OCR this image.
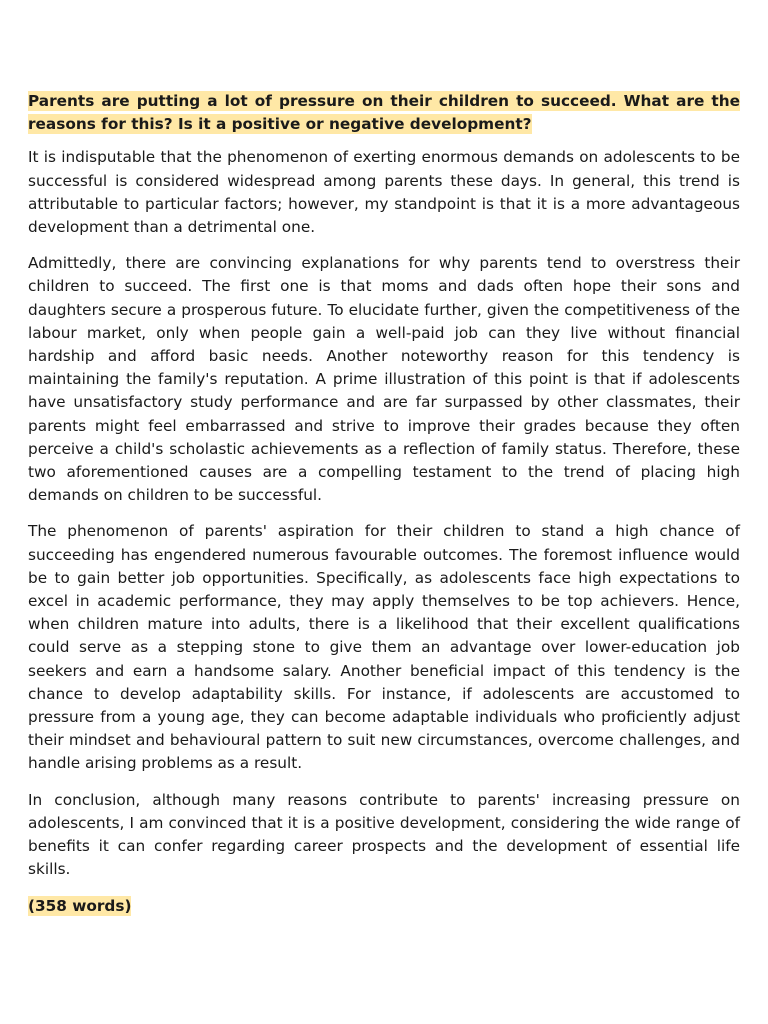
Parents are putting a lot of pressure on their children to succeed. What are the reasons for this? Is it a positive or negative development?

It is indisputable that the phenomenon of exerting enormous demands on adolescents to be successful is considered widespread among parents these days. In general, this trend is attributable to particular factors; however, my standpoint is that it is a more advantageous development than a detrimental one.

Admittedly, there are convincing explanations for why parents tend to overstress their children to succeed. The first one is that moms and dads often hope their sons and daughters secure a prosperous future. To elucidate further, given the competitiveness of the labour market, only when people gain a well-paid job can they live without financial hardship and afford basic needs. Another noteworthy reason for this tendency is maintaining the family's reputation. A prime illustration of this point is that if adolescents have unsatisfactory study performance and are far surpassed by other classmates, their parents might feel embarrassed and strive to improve their grades because they often perceive a child's scholastic achievements as a reflection of family status. Therefore, these two aforementioned causes are a compelling testament to the trend of placing high demands on children to be successful.

The phenomenon of parents' aspiration for their children to stand a high chance of succeeding has engendered numerous favourable outcomes. The foremost influence would be to gain better job opportunities. Specifically, as adolescents face high expectations to excel in academic performance, they may apply themselves to be top achievers. Hence, when children mature into adults, there is a likelihood that their excellent qualifications could serve as a stepping stone to give them an advantage over lower-education job seekers and earn a handsome salary. Another beneficial impact of this tendency is the chance to develop adaptability skills. For instance, if adolescents are accustomed to pressure from a young age, they can become adaptable individuals who proficiently adjust their mindset and behavioural pattern to suit new circumstances, overcome challenges, and handle arising problems as a result.

In conclusion, although many reasons contribute to parents' increasing pressure on adolescents, I am convinced that it is a positive development, considering the wide range of benefits it can confer regarding career prospects and the development of essential life skills.

(358 words)
